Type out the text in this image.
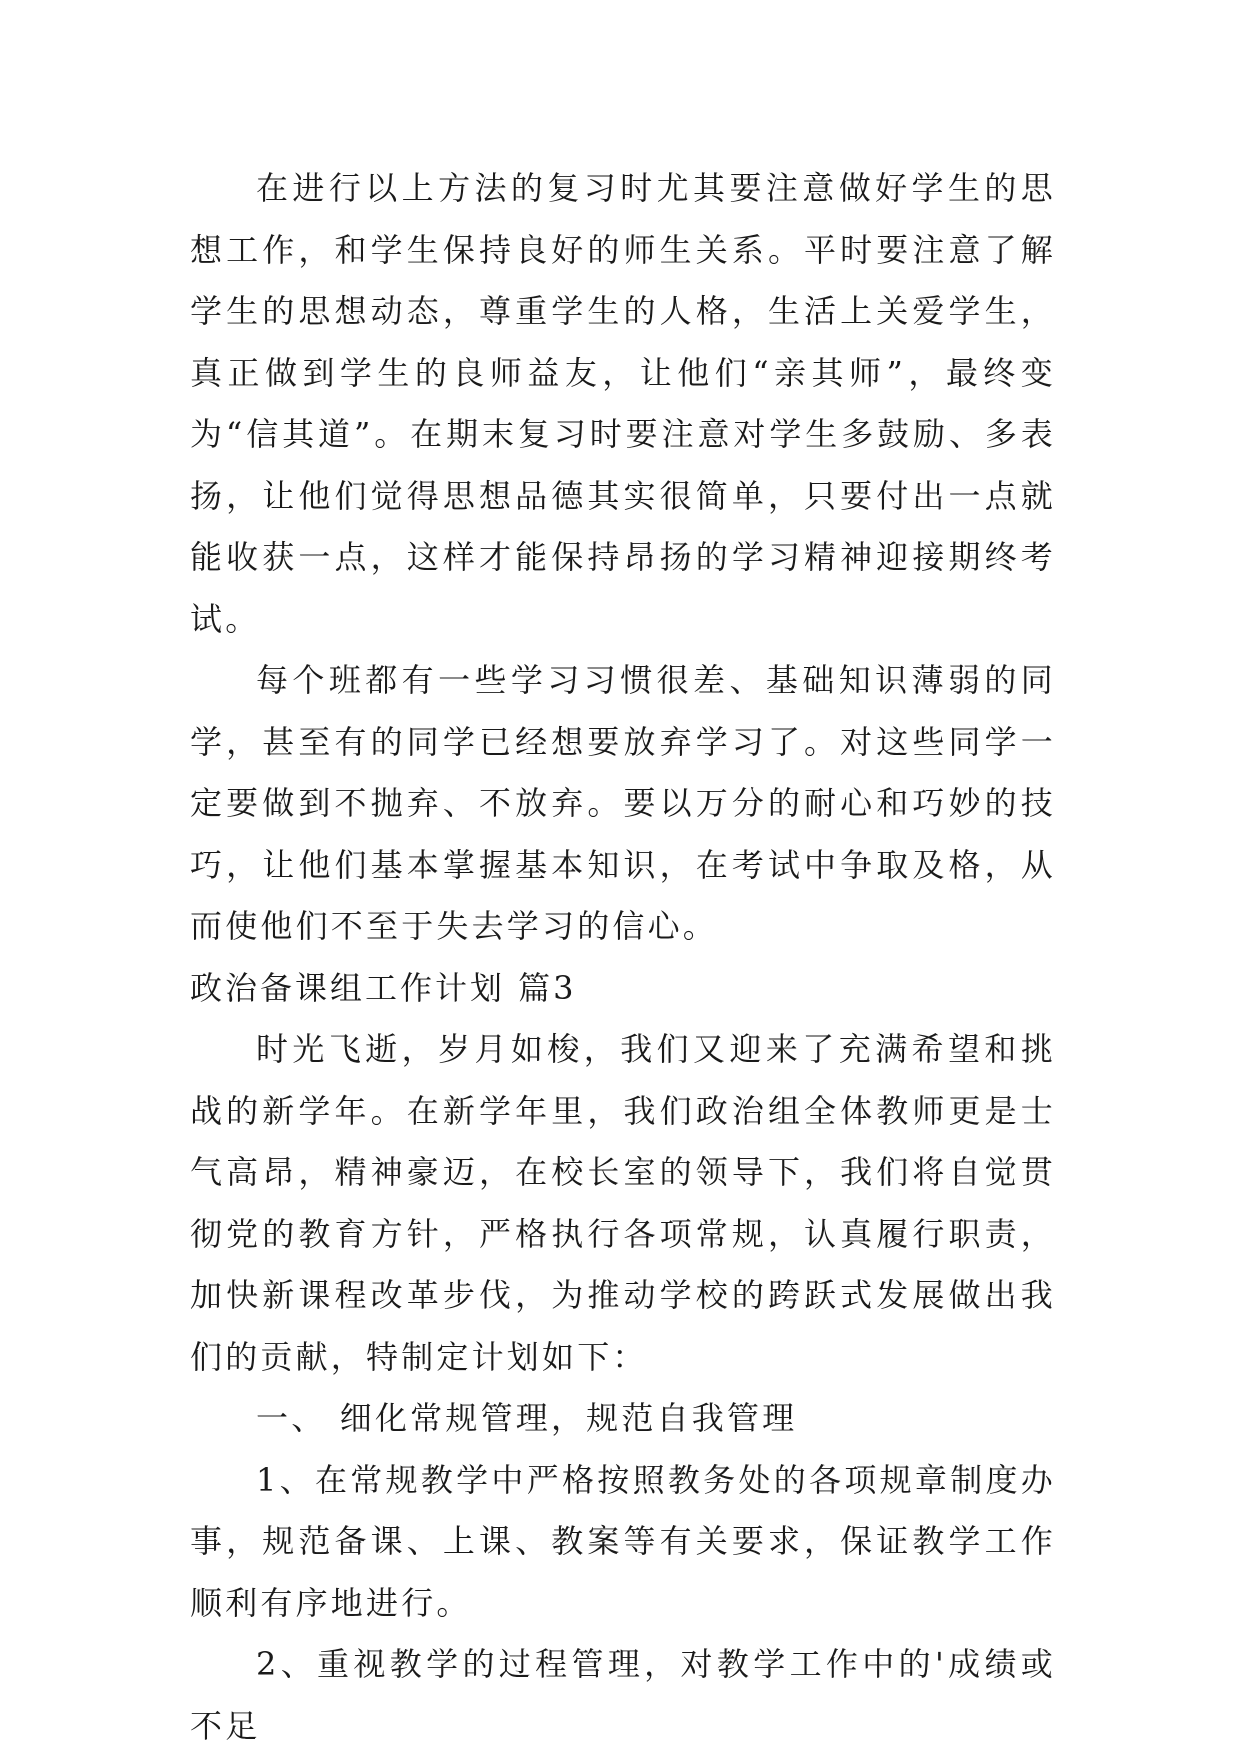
在进行以上方法的复习时尤其要注意做好学生的思想工作，和学生保持良好的师生关系。平时要注意了解学生的思想动态，尊重学生的人格，生活上关爱学生，真正做到学生的良师益友，让他们“亲其师”，最终变为“信其道”。在期末复习时要注意对学生多鼓励、多表扬，让他们觉得思想品德其实很简单，只要付出一点就能收获一点，这样才能保持昂扬的学习精神迎接期终考试。

每个班都有一些学习习惯很差、基础知识薄弱的同学，甚至有的同学已经想要放弃学习了。对这些同学一定要做到不抛弃、不放弃。要以万分的耐心和巧妙的技巧，让他们基本掌握基本知识，在考试中争取及格，从而使他们不至于失去学习的信心。

政治备课组工作计划 篇3

时光飞逝，岁月如梭，我们又迎来了充满希望和挑战的新学年。在新学年里，我们政治组全体教师更是士气高昂，精神豪迈，在校长室的领导下，我们将自觉贯彻党的教育方针，严格执行各项常规，认真履行职责，加快新课程改革步伐，为推动学校的跨跃式发展做出我们的贡献，特制定计划如下：

一、 细化常规管理，规范自我管理

1、在常规教学中严格按照教务处的各项规章制度办事，规范备课、上课、教案等有关要求，保证教学工作顺利有序地进行。

2、重视教学的过程管理，对教学工作中的'成绩或不足
